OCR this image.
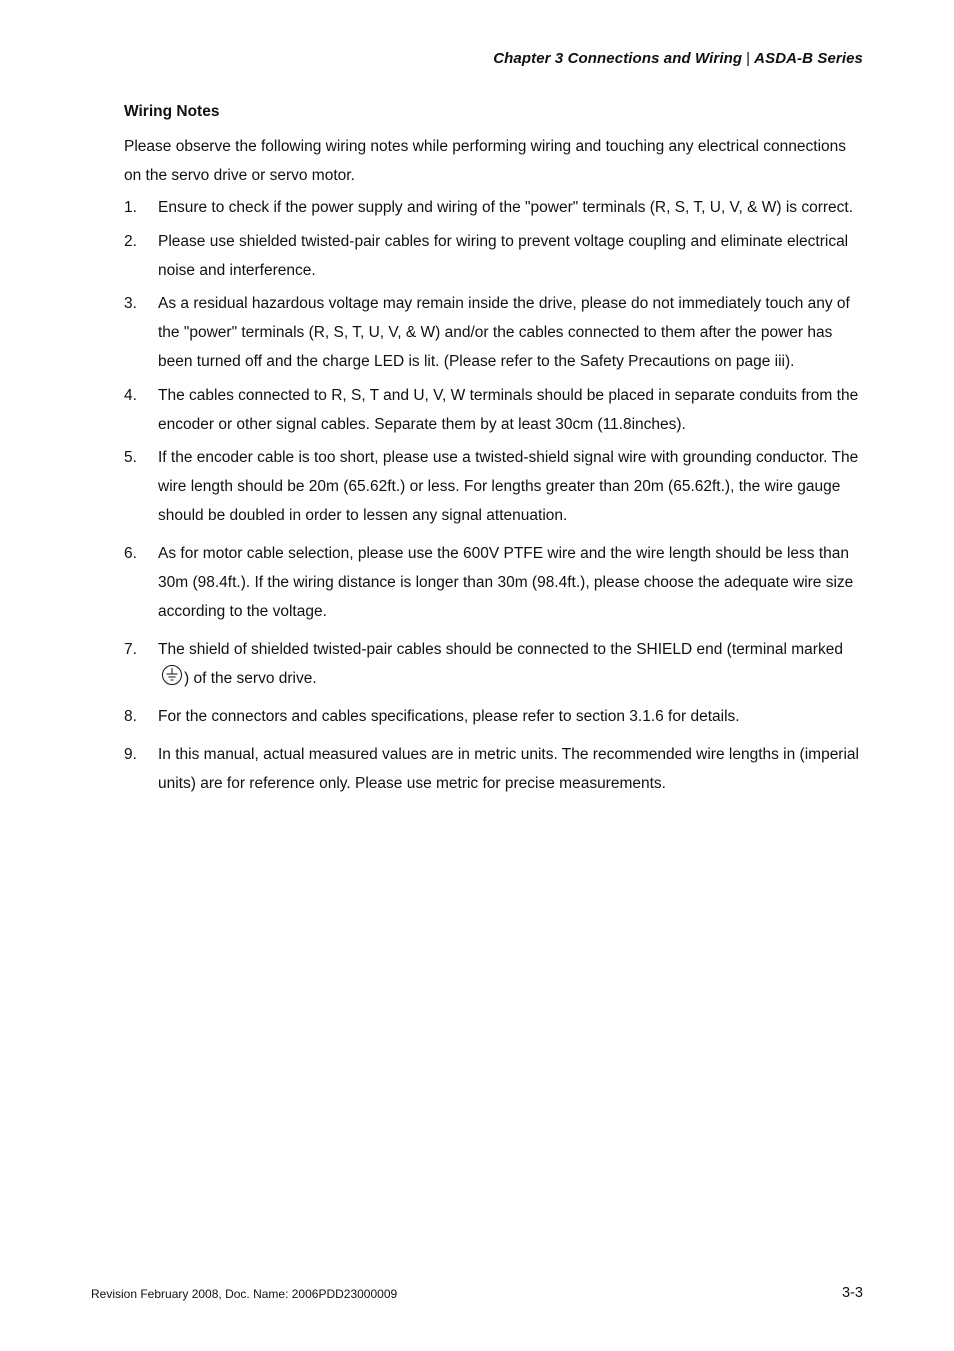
Chapter 3 Connections and Wiring | ASDA-B Series
Wiring Notes
Please observe the following wiring notes while performing wiring and touching any electrical connections on the servo drive or servo motor.
1. Ensure to check if the power supply and wiring of the "power" terminals (R, S, T, U, V, & W) is correct.
2. Please use shielded twisted-pair cables for wiring to prevent voltage coupling and eliminate electrical noise and interference.
3. As a residual hazardous voltage may remain inside the drive, please do not immediately touch any of the "power" terminals (R, S, T, U, V, & W) and/or the cables connected to them after the power has been turned off and the charge LED is lit. (Please refer to the Safety Precautions on page iii).
4. The cables connected to R, S, T and U, V, W terminals should be placed in separate conduits from the encoder or other signal cables. Separate them by at least 30cm (11.8inches).
5. If the encoder cable is too short, please use a twisted-shield signal wire with grounding conductor. The wire length should be 20m (65.62ft.) or less. For lengths greater than 20m (65.62ft.), the wire gauge should be doubled in order to lessen any signal attenuation.
6. As for motor cable selection, please use the 600V PTFE wire and the wire length should be less than 30m (98.4ft.). If the wiring distance is longer than 30m (98.4ft.), please choose the adequate wire size according to the voltage.
7. The shield of shielded twisted-pair cables should be connected to the SHIELD end (terminal marked ) of the servo drive.
8. For the connectors and cables specifications, please refer to section 3.1.6 for details.
9. In this manual, actual measured values are in metric units. The recommended wire lengths in (imperial units) are for reference only. Please use metric for precise measurements.
Revision February 2008, Doc. Name: 2006PDD23000009	3-3
